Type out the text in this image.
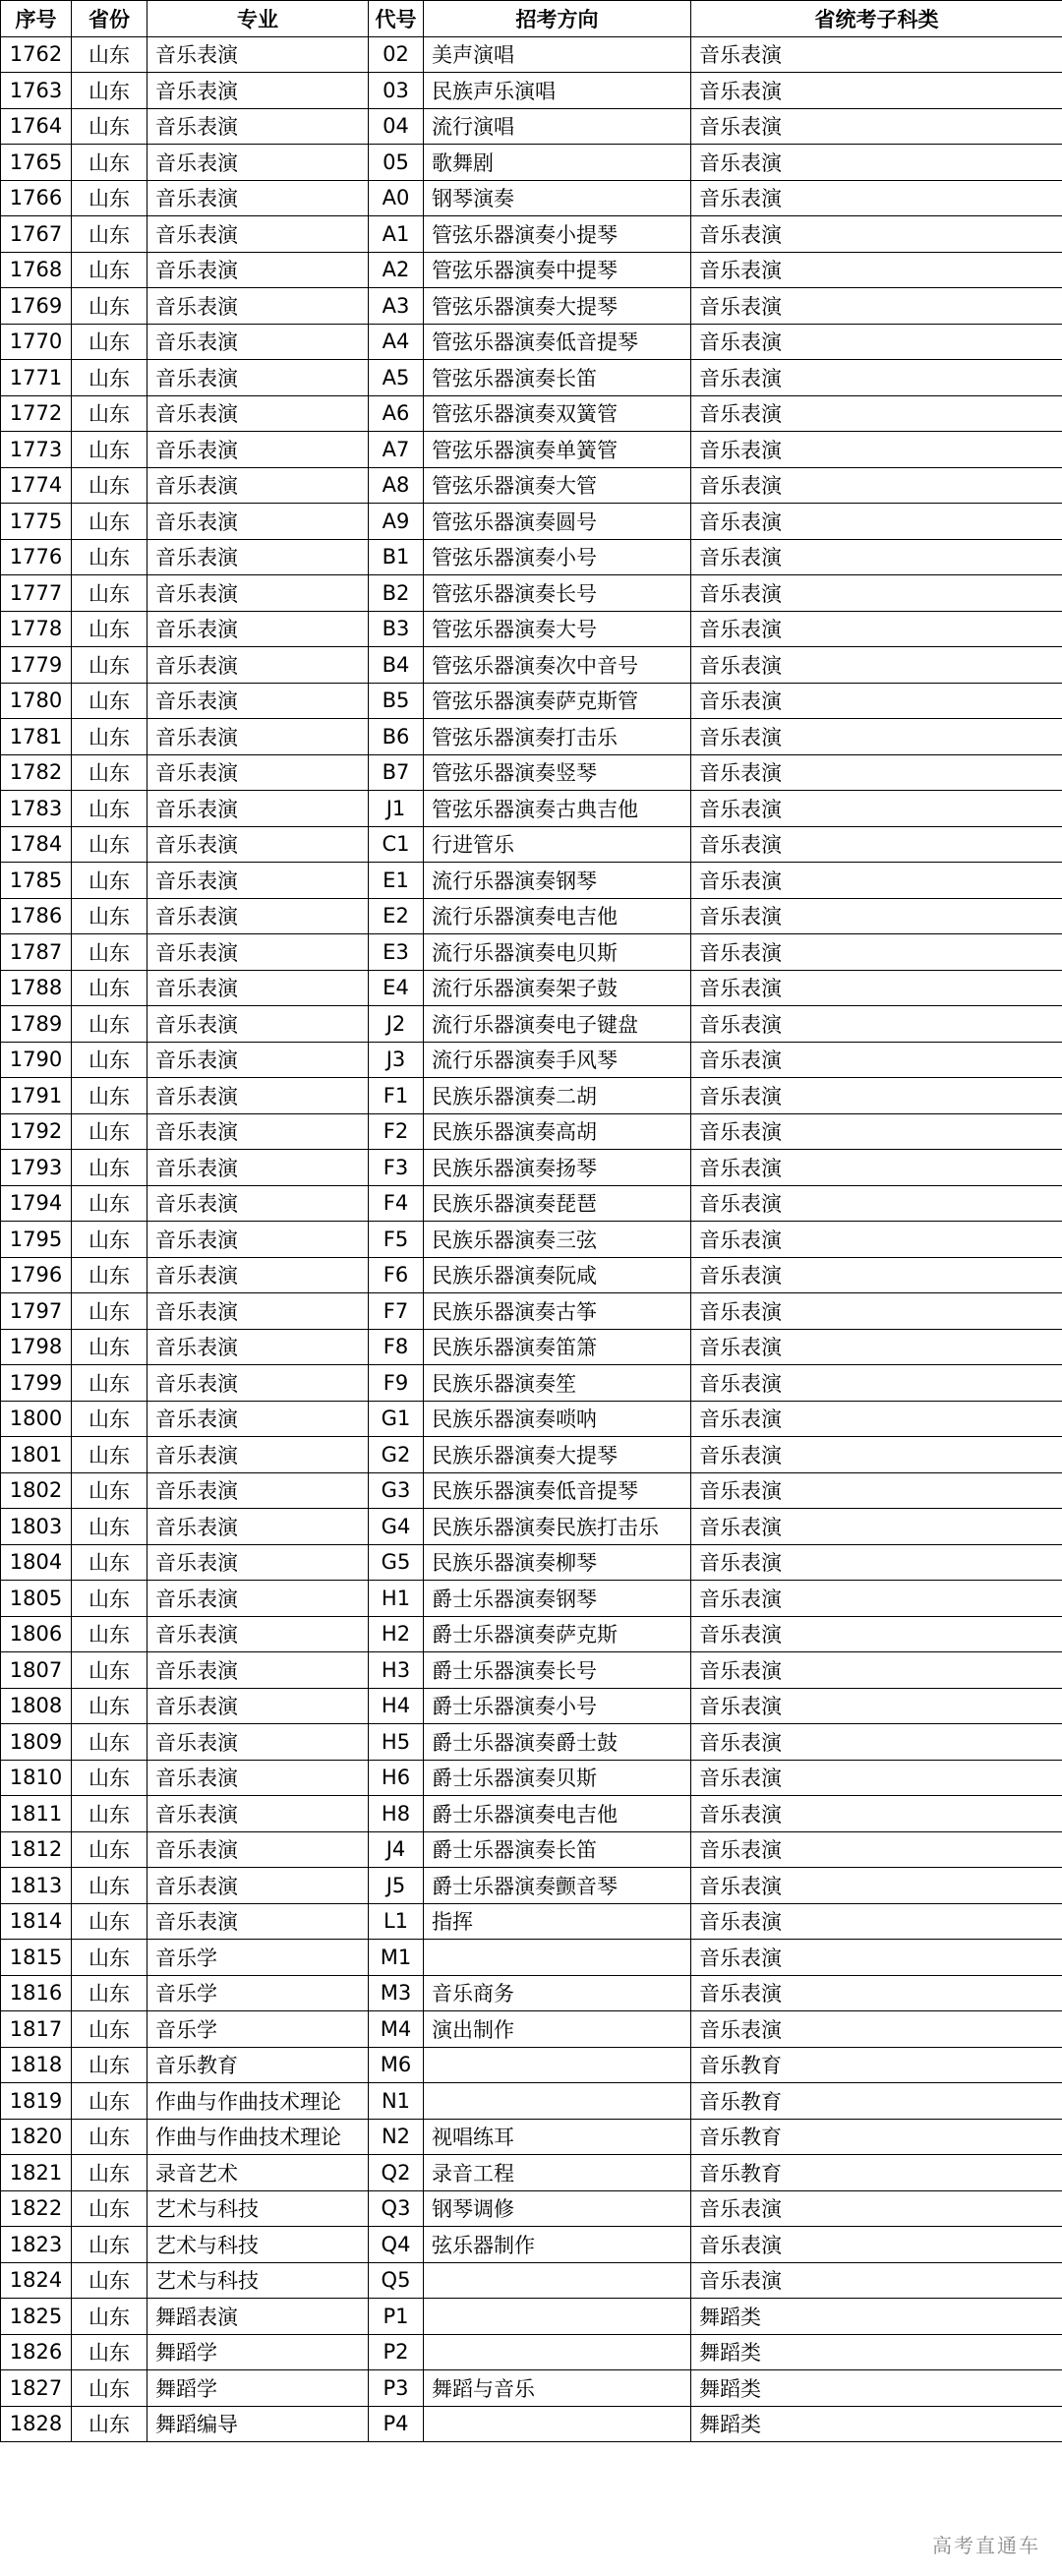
序号	省份	专业	代号	招考方向	省统考子科类
1762	山东	音乐表演	02	美声演唱	音乐表演
1763	山东	音乐表演	03	民族声乐演唱	音乐表演
1764	山东	音乐表演	04	流行演唱	音乐表演
1765	山东	音乐表演	05	歌舞剧	音乐表演
1766	山东	音乐表演	A0	钢琴演奏	音乐表演
1767	山东	音乐表演	A1	管弦乐器演奏小提琴	音乐表演
1768	山东	音乐表演	A2	管弦乐器演奏中提琴	音乐表演
1769	山东	音乐表演	A3	管弦乐器演奏大提琴	音乐表演
1770	山东	音乐表演	A4	管弦乐器演奏低音提琴	音乐表演
1771	山东	音乐表演	A5	管弦乐器演奏长笛	音乐表演
1772	山东	音乐表演	A6	管弦乐器演奏双簧管	音乐表演
1773	山东	音乐表演	A7	管弦乐器演奏单簧管	音乐表演
1774	山东	音乐表演	A8	管弦乐器演奏大管	音乐表演
1775	山东	音乐表演	A9	管弦乐器演奏圆号	音乐表演
1776	山东	音乐表演	B1	管弦乐器演奏小号	音乐表演
1777	山东	音乐表演	B2	管弦乐器演奏长号	音乐表演
1778	山东	音乐表演	B3	管弦乐器演奏大号	音乐表演
1779	山东	音乐表演	B4	管弦乐器演奏次中音号	音乐表演
1780	山东	音乐表演	B5	管弦乐器演奏萨克斯管	音乐表演
1781	山东	音乐表演	B6	管弦乐器演奏打击乐	音乐表演
1782	山东	音乐表演	B7	管弦乐器演奏竖琴	音乐表演
1783	山东	音乐表演	J1	管弦乐器演奏古典吉他	音乐表演
1784	山东	音乐表演	C1	行进管乐	音乐表演
1785	山东	音乐表演	E1	流行乐器演奏钢琴	音乐表演
1786	山东	音乐表演	E2	流行乐器演奏电吉他	音乐表演
1787	山东	音乐表演	E3	流行乐器演奏电贝斯	音乐表演
1788	山东	音乐表演	E4	流行乐器演奏架子鼓	音乐表演
1789	山东	音乐表演	J2	流行乐器演奏电子键盘	音乐表演
1790	山东	音乐表演	J3	流行乐器演奏手风琴	音乐表演
1791	山东	音乐表演	F1	民族乐器演奏二胡	音乐表演
1792	山东	音乐表演	F2	民族乐器演奏高胡	音乐表演
1793	山东	音乐表演	F3	民族乐器演奏扬琴	音乐表演
1794	山东	音乐表演	F4	民族乐器演奏琵琶	音乐表演
1795	山东	音乐表演	F5	民族乐器演奏三弦	音乐表演
1796	山东	音乐表演	F6	民族乐器演奏阮咸	音乐表演
1797	山东	音乐表演	F7	民族乐器演奏古筝	音乐表演
1798	山东	音乐表演	F8	民族乐器演奏笛箫	音乐表演
1799	山东	音乐表演	F9	民族乐器演奏笙	音乐表演
1800	山东	音乐表演	G1	民族乐器演奏唢呐	音乐表演
1801	山东	音乐表演	G2	民族乐器演奏大提琴	音乐表演
1802	山东	音乐表演	G3	民族乐器演奏低音提琴	音乐表演
1803	山东	音乐表演	G4	民族乐器演奏民族打击乐	音乐表演
1804	山东	音乐表演	G5	民族乐器演奏柳琴	音乐表演
1805	山东	音乐表演	H1	爵士乐器演奏钢琴	音乐表演
1806	山东	音乐表演	H2	爵士乐器演奏萨克斯	音乐表演
1807	山东	音乐表演	H3	爵士乐器演奏长号	音乐表演
1808	山东	音乐表演	H4	爵士乐器演奏小号	音乐表演
1809	山东	音乐表演	H5	爵士乐器演奏爵士鼓	音乐表演
1810	山东	音乐表演	H6	爵士乐器演奏贝斯	音乐表演
1811	山东	音乐表演	H8	爵士乐器演奏电吉他	音乐表演
1812	山东	音乐表演	J4	爵士乐器演奏长笛	音乐表演
1813	山东	音乐表演	J5	爵士乐器演奏颤音琴	音乐表演
1814	山东	音乐表演	L1	指挥	音乐表演
1815	山东	音乐学	M1		音乐表演
1816	山东	音乐学	M3	音乐商务	音乐表演
1817	山东	音乐学	M4	演出制作	音乐表演
1818	山东	音乐教育	M6		音乐教育
1819	山东	作曲与作曲技术理论	N1		音乐教育
1820	山东	作曲与作曲技术理论	N2	视唱练耳	音乐教育
1821	山东	录音艺术	Q2	录音工程	音乐教育
1822	山东	艺术与科技	Q3	钢琴调修	音乐表演
1823	山东	艺术与科技	Q4	弦乐器制作	音乐表演
1824	山东	艺术与科技	Q5		音乐表演
1825	山东	舞蹈表演	P1		舞蹈类
1826	山东	舞蹈学	P2		舞蹈类
1827	山东	舞蹈学	P3	舞蹈与音乐	舞蹈类
1828	山东	舞蹈编导	P4		舞蹈类
高考直通车
